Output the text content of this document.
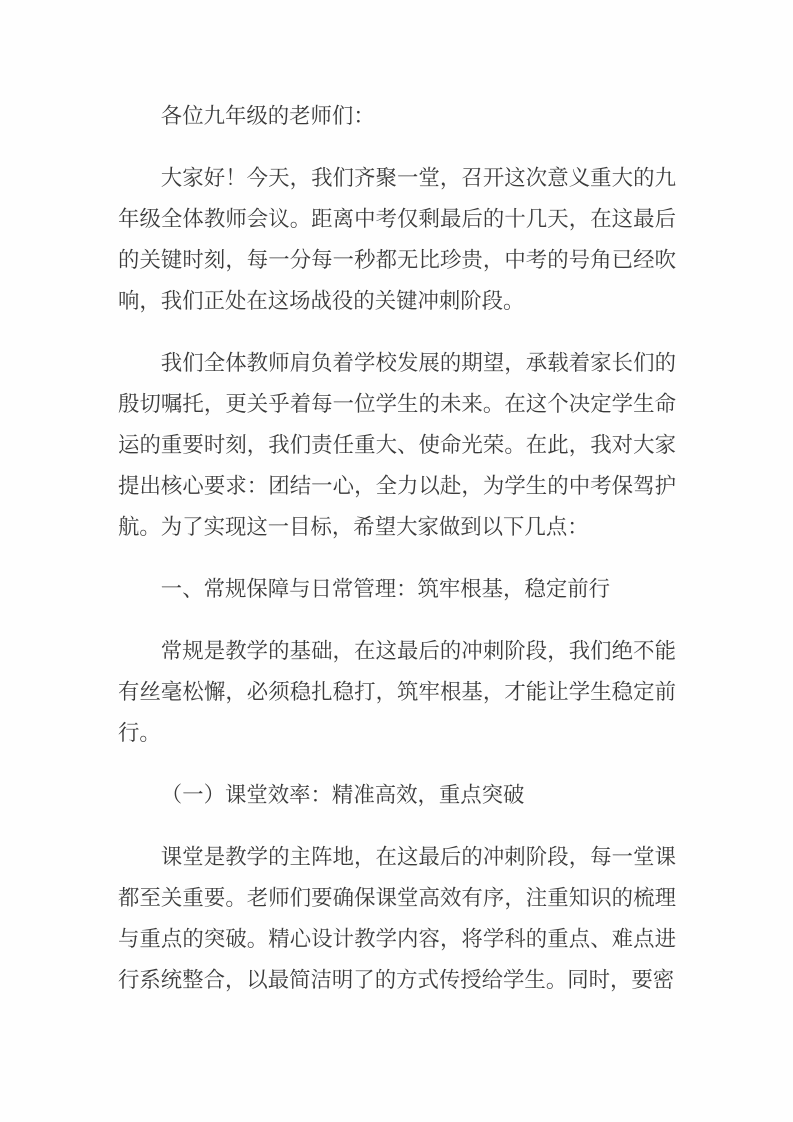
各位九年级的老师们：

大家好！今天，我们齐聚一堂，召开这次意义重大的九年级全体教师会议。距离中考仅剩最后的十几天，在这最后的关键时刻，每一分每一秒都无比珍贵，中考的号角已经吹响，我们正处在这场战役的关键冲刺阶段。

我们全体教师肩负着学校发展的期望，承载着家长们的殷切嘱托，更关乎着每一位学生的未来。在这个决定学生命运的重要时刻，我们责任重大、使命光荣。在此，我对大家提出核心要求：团结一心，全力以赴，为学生的中考保驾护航。为了实现这一目标，希望大家做到以下几点：

一、常规保障与日常管理：筑牢根基，稳定前行

常规是教学的基础，在这最后的冲刺阶段，我们绝不能有丝毫松懈，必须稳扎稳打，筑牢根基，才能让学生稳定前行。

（一）课堂效率：精准高效，重点突破

课堂是教学的主阵地，在这最后的冲刺阶段，每一堂课都至关重要。老师们要确保课堂高效有序，注重知识的梳理与重点的突破。精心设计教学内容，将学科的重点、难点进行系统整合，以最简洁明了的方式传授给学生。同时，要密
